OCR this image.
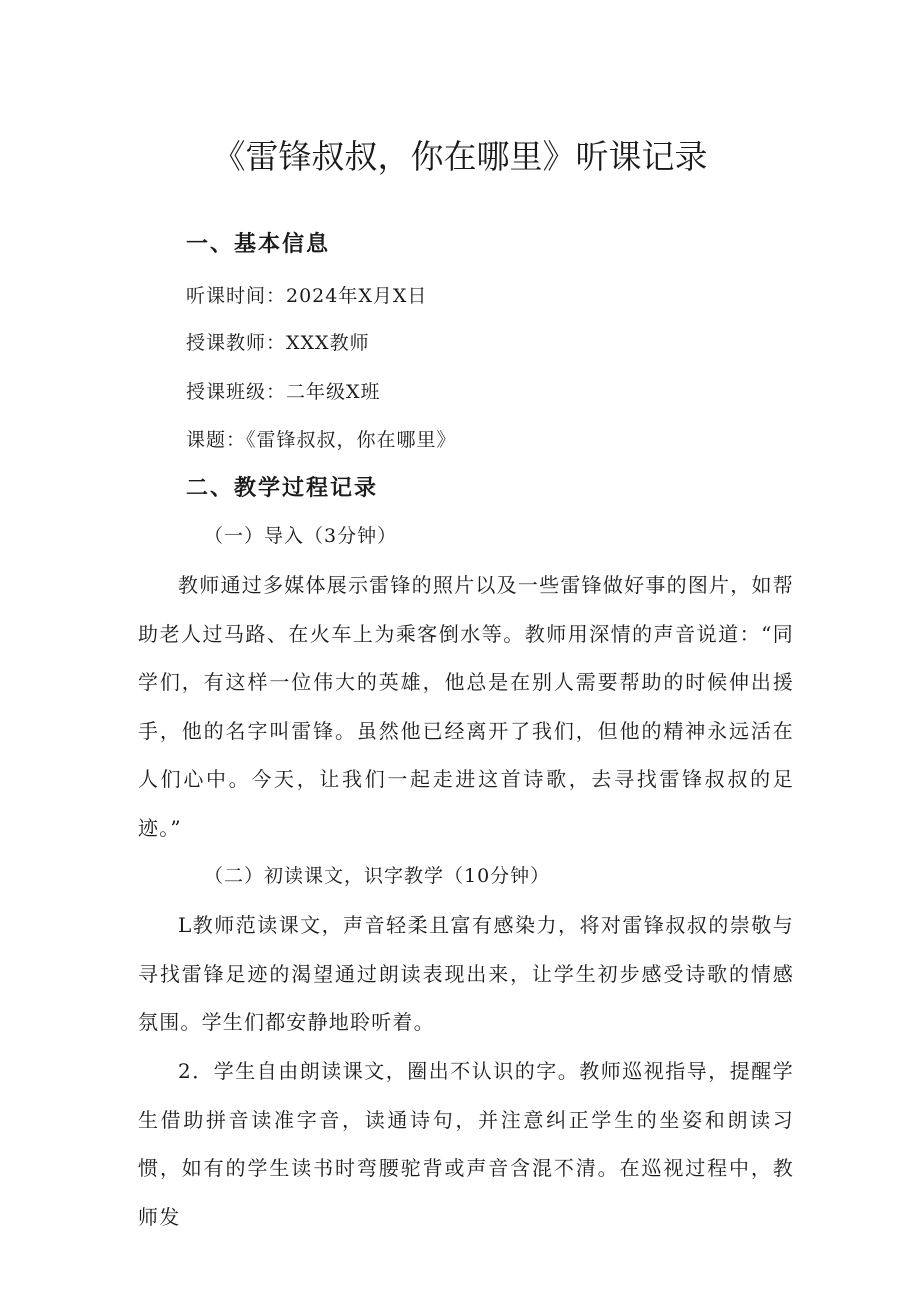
《雷锋叔叔，你在哪里》听课记录
一、基本信息

听课时间：2024年X月X日

授课教师：XXX教师

授课班级：二年级X班

课题：《雷锋叔叔，你在哪里》

二、教学过程记录

（一）导入（3分钟）

教师通过多媒体展示雷锋的照片以及一些雷锋做好事的图片，如帮助老人过马路、在火车上为乘客倒水等。教师用深情的声音说道：“同学们，有这样一位伟大的英雄，他总是在别人需要帮助的时候伸出援手，他的名字叫雷锋。虽然他已经离开了我们，但他的精神永远活在人们心中。今天，让我们一起走进这首诗歌，去寻找雷锋叔叔的足迹。”

（二）初读课文，识字教学（10分钟）

L教师范读课文，声音轻柔且富有感染力，将对雷锋叔叔的崇敬与寻找雷锋足迹的渴望通过朗读表现出来，让学生初步感受诗歌的情感氛围。学生们都安静地聆听着。

2．学生自由朗读课文，圈出不认识的字。教师巡视指导，提醒学生借助拼音读准字音，读通诗句，并注意纠正学生的坐姿和朗读习惯，如有的学生读书时弯腰驼背或声音含混不清。在巡视过程中，教师发
